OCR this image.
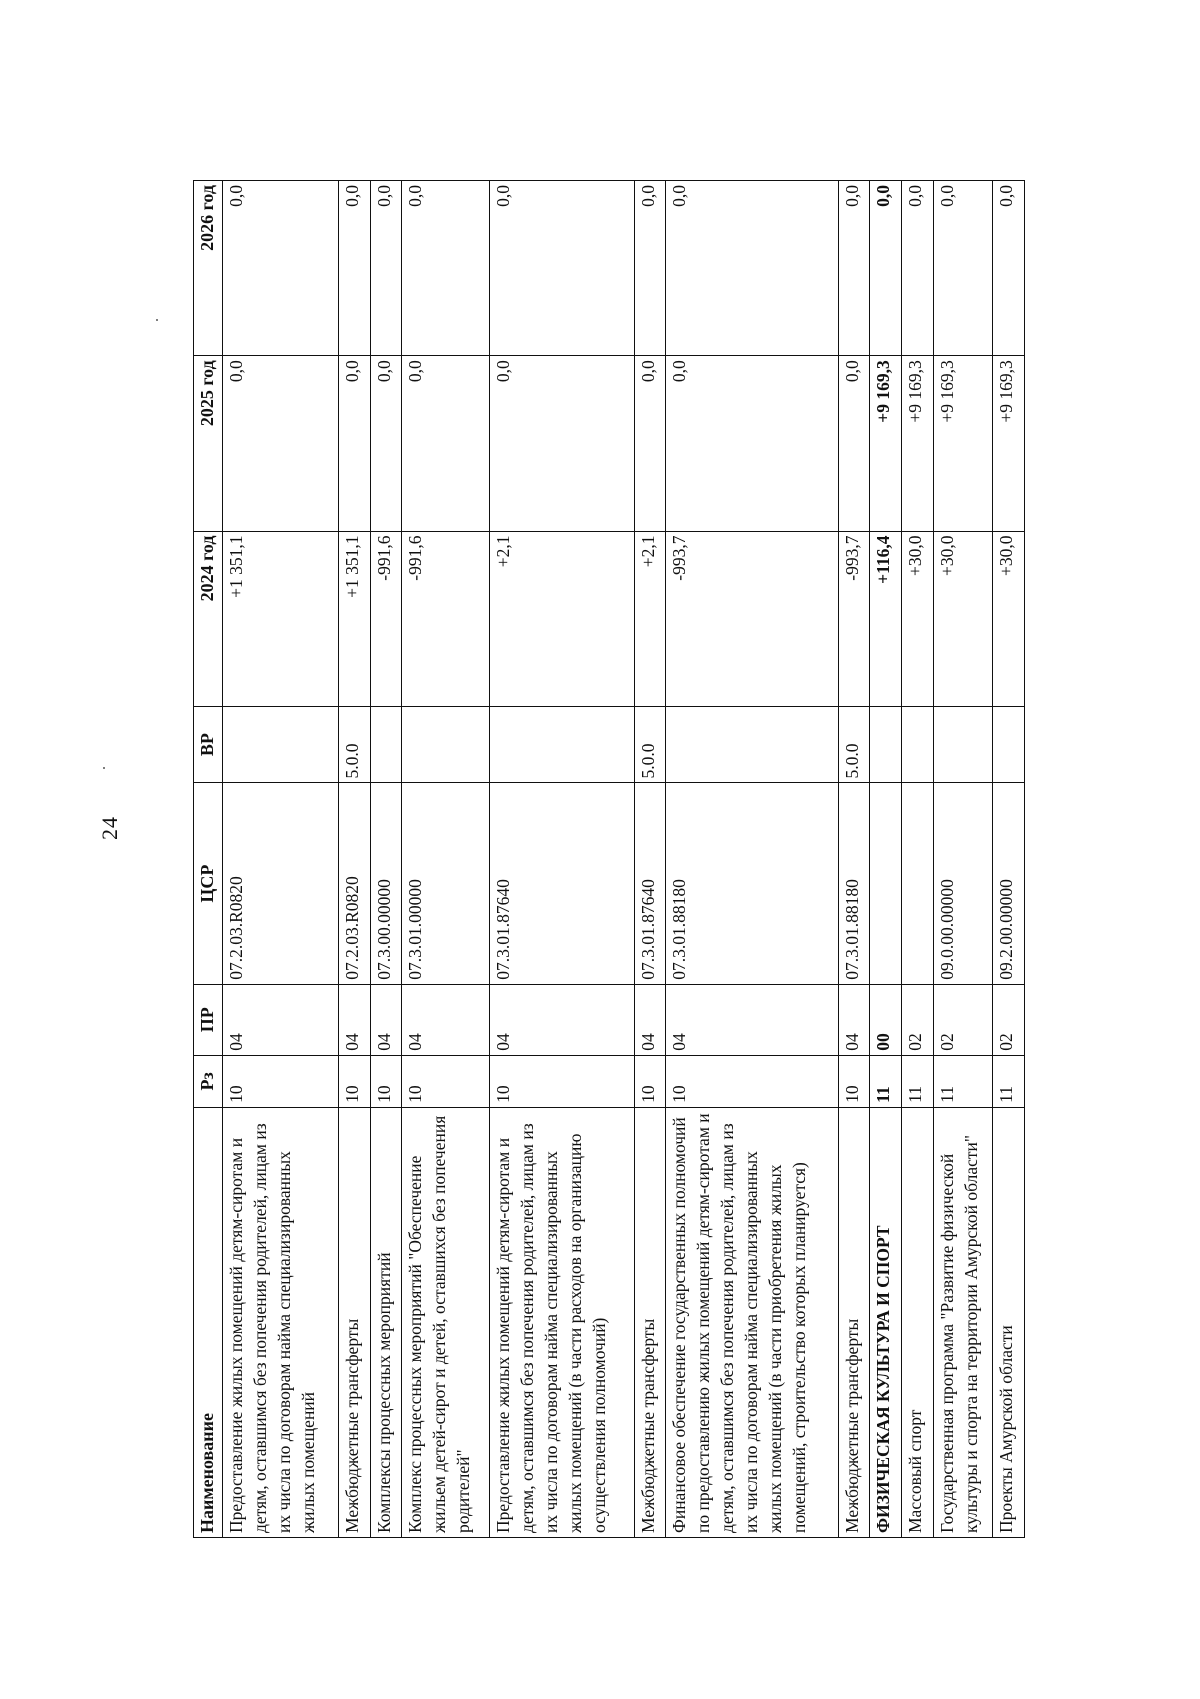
24
Наименование	Рз	ПР	ЦСР	ВР	2024 год	2025 год	2026 год
Предоставление жилых помещений детям-сиротам и детям, оставшимся без попечения родителей, лицам из их числа по договорам найма специализированных жилых помещений	10	04	07.2.03.R0820		+1 351,1	0,0	0,0
Межбюджетные трансферты	10	04	07.2.03.R0820	5.0.0	+1 351,1	0,0	0,0
Комплексы процессных мероприятий	10	04	07.3.00.00000		-991,6	0,0	0,0
Комплекс процессных мероприятий "Обеспечение жильем детей-сирот и детей, оставшихся без попечения родителей"	10	04	07.3.01.00000		-991,6	0,0	0,0
Предоставление жилых помещений детям-сиротам и детям, оставшимся без попечения родителей, лицам из их числа по договорам найма специализированных жилых помещений (в части расходов на организацию осуществления полномочий)	10	04	07.3.01.87640		+2,1	0,0	0,0
Межбюджетные трансферты	10	04	07.3.01.87640	5.0.0	+2,1	0,0	0,0
Финансовое обеспечение государственных полномочий по предоставлению жилых помещений детям-сиротам и детям, оставшимся без попечения родителей, лицам из их числа по договорам найма специализированных жилых помещений (в части приобретения жилых помещений, строительство которых планируется)	10	04	07.3.01.88180		-993,7	0,0	0,0
Межбюджетные трансферты	10	04	07.3.01.88180	5.0.0	-993,7	0,0	0,0
ФИЗИЧЕСКАЯ КУЛЬТУРА И СПОРТ	11	00			+116,4	+9 169,3	0,0
Массовый спорт	11	02			+30,0	+9 169,3	0,0
Государственная программа "Развитие физической культуры и спорта на территории Амурской области"	11	02	09.0.00.00000		+30,0	+9 169,3	0,0
Проекты Амурской области	11	02	09.2.00.00000		+30,0	+9 169,3	0,0
